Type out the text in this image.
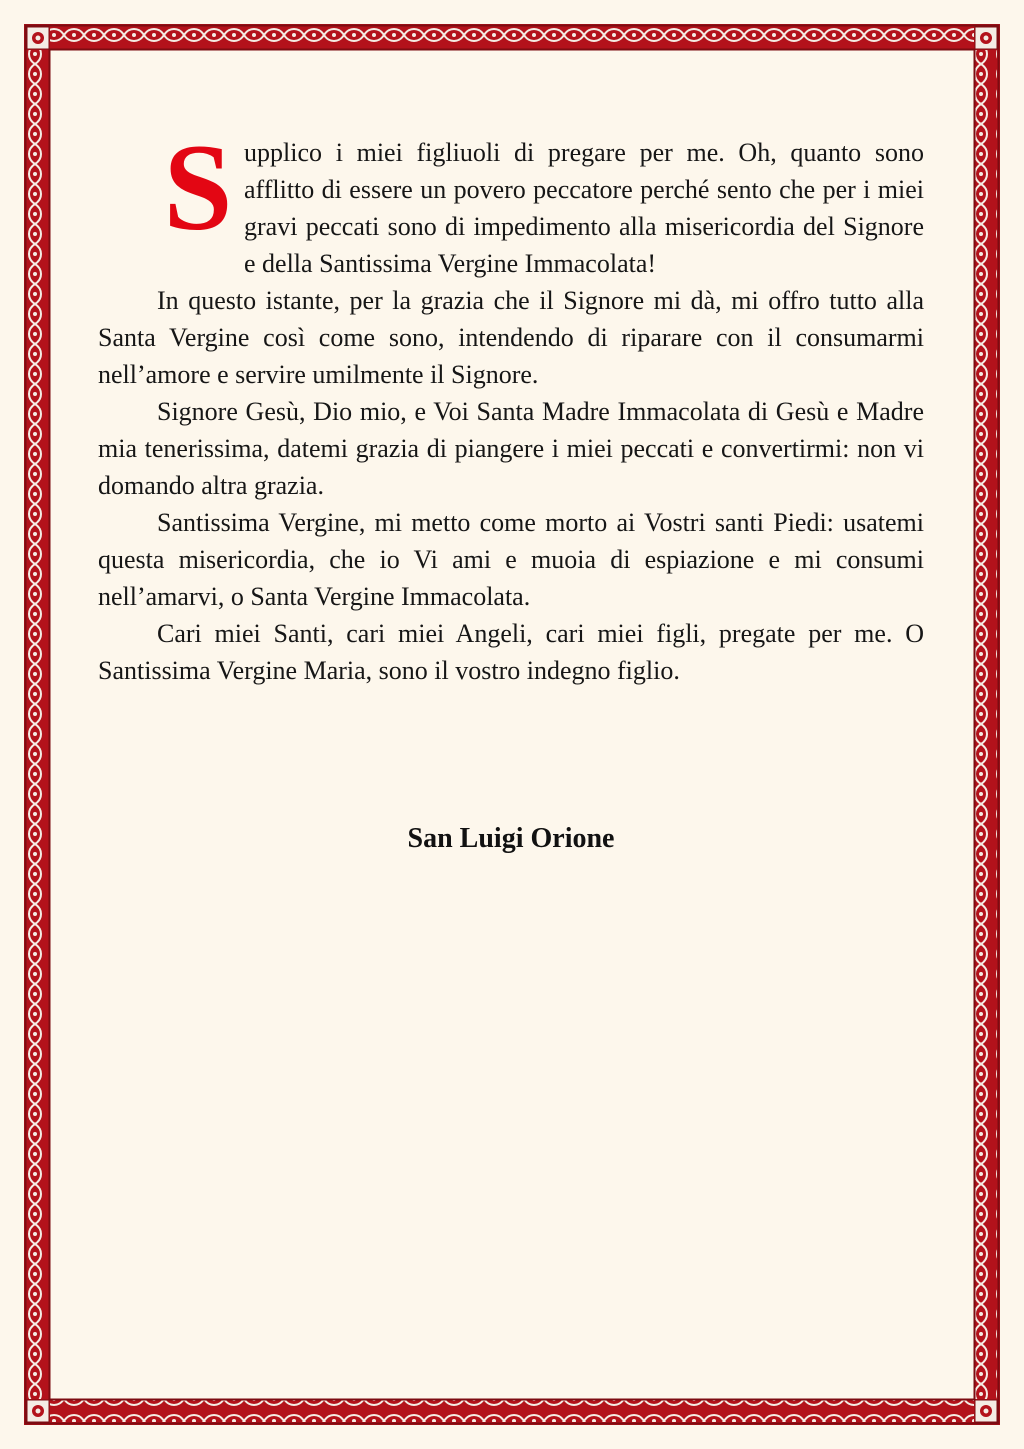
Supplico i miei figliuoli di pregare per me. Oh, quanto sono afflitto di essere un povero peccatore perché sento che per i miei gravi peccati sono di impedimento alla misericordia del Signore e della Santissima Vergine Immacolata!

In questo istante, per la grazia che il Signore mi dà, mi offro tutto alla Santa Vergine così come sono, intendendo di riparare con il consumarmi nell’amore e servire umilmente il Signore.

Signore Gesù, Dio mio, e Voi Santa Madre Immacolata di Gesù e Madre mia tenerissima, datemi grazia di piangere i miei peccati e convertirmi: non vi domando altra grazia.

Santissima Vergine, mi metto come morto ai Vostri santi Piedi: usatemi questa misericordia, che io Vi ami e muoia di espiazione e mi consumi nell’amarvi, o Santa Vergine Immacolata.

Cari miei Santi, cari miei Angeli, cari miei figli, pregate per me. O Santissima Vergine Maria, sono il vostro indegno figlio.

San Luigi Orione
